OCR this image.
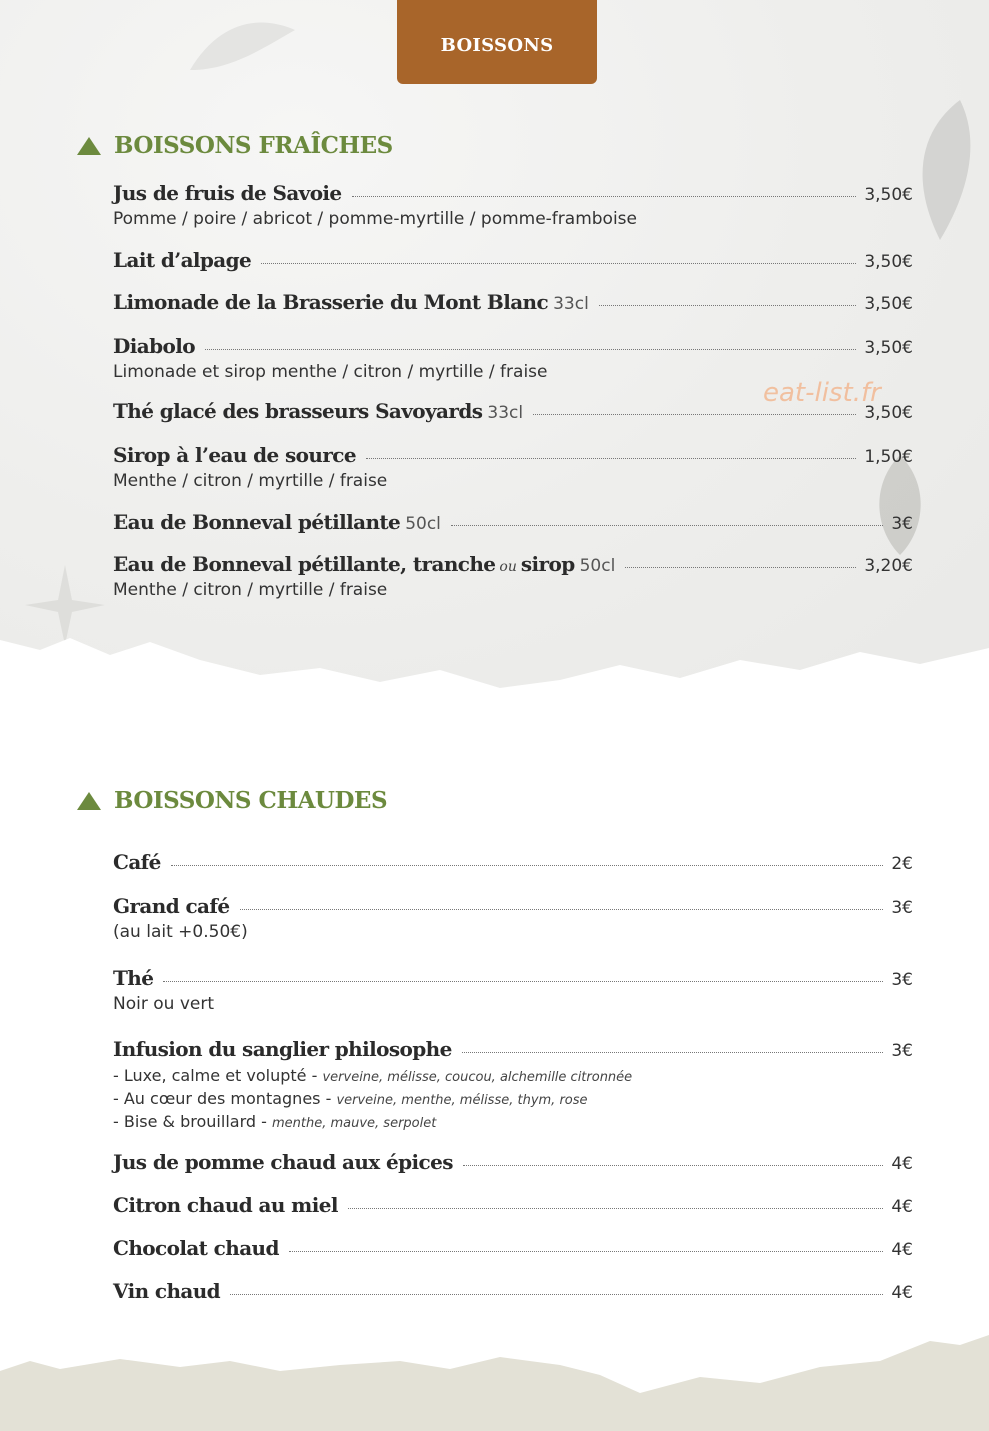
BOISSONS
eat-list.fr
BOISSONS FRAÎCHES
Jus de fruis de Savoie	3,50€
Pomme / poire / abricot / pomme-myrtille / pomme-framboise
Lait d’alpage	3,50€
Limonade de la Brasserie du Mont Blanc 33cl	3,50€
Diabolo	3,50€
Limonade et sirop menthe / citron / myrtille / fraise
Thé glacé des brasseurs Savoyards 33cl	3,50€
Sirop à l’eau de source	1,50€
Menthe / citron / myrtille / fraise
Eau de Bonneval pétillante 50cl	3€
Eau de Bonneval pétillante, tranche ou sirop 50cl	3,20€
Menthe / citron / myrtille / fraise
BOISSONS CHAUDES
Café	2€
Grand café	3€
(au lait +0.50€)
Thé	3€
Noir ou vert
Infusion du sanglier philosophe	3€
- Luxe, calme et volupté - verveine, mélisse, coucou, alchemille citronnée
- Au cœur des montagnes - verveine, menthe, mélisse, thym, rose
- Bise & brouillard - menthe, mauve, serpolet
Jus de pomme chaud aux épices	4€
Citron chaud au miel	4€
Chocolat chaud	4€
Vin chaud	4€
